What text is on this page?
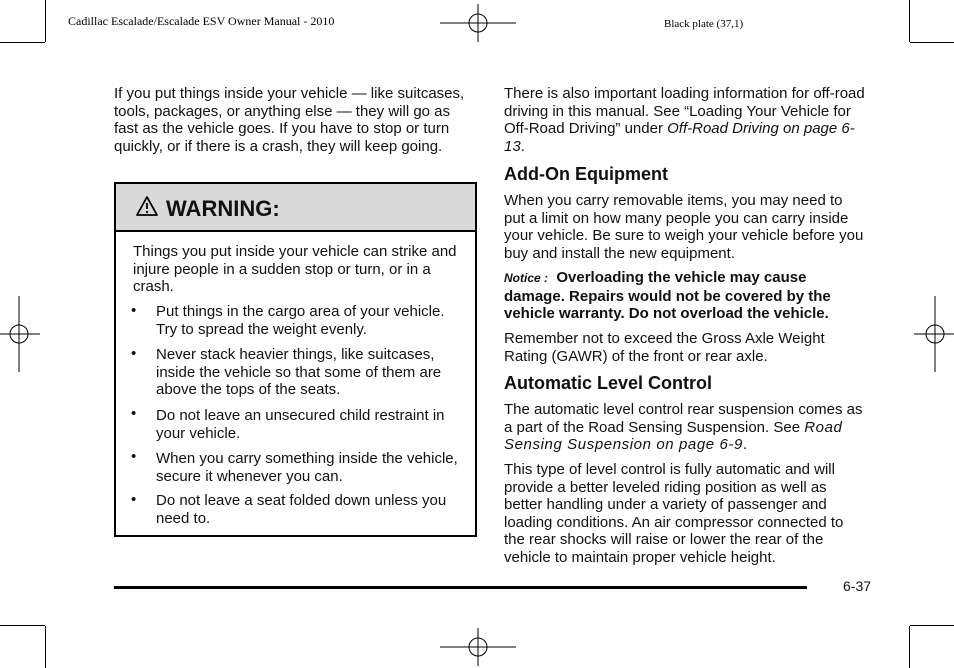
Cadillac Escalade/Escalade ESV Owner Manual - 2010	Black plate (37,1)

If you put things inside your vehicle — like suitcases, tools, packages, or anything else — they will go as fast as the vehicle goes. If you have to stop or turn quickly, or if there is a crash, they will keep going.

WARNING:

Things you put inside your vehicle can strike and injure people in a sudden stop or turn, or in a crash.

• Put things in the cargo area of your vehicle. Try to spread the weight evenly.

• Never stack heavier things, like suitcases, inside the vehicle so that some of them are above the tops of the seats.

• Do not leave an unsecured child restraint in your vehicle.

• When you carry something inside the vehicle, secure it whenever you can.

• Do not leave a seat folded down unless you need to.

There is also important loading information for off-road driving in this manual. See “Loading Your Vehicle for Off-Road Driving” under Off-Road Driving on page 6-13.

Add-On Equipment

When you carry removable items, you may need to put a limit on how many people you can carry inside your vehicle. Be sure to weigh your vehicle before you buy and install the new equipment.

Notice : Overloading the vehicle may cause damage. Repairs would not be covered by the vehicle warranty. Do not overload the vehicle.

Remember not to exceed the Gross Axle Weight Rating (GAWR) of the front or rear axle.

Automatic Level Control

The automatic level control rear suspension comes as a part of the Road Sensing Suspension. See Road Sensing Suspension on page 6-9.

This type of level control is fully automatic and will provide a better leveled riding position as well as better handling under a variety of passenger and loading conditions. An air compressor connected to the rear shocks will raise or lower the rear of the vehicle to maintain proper vehicle height.

6-37
